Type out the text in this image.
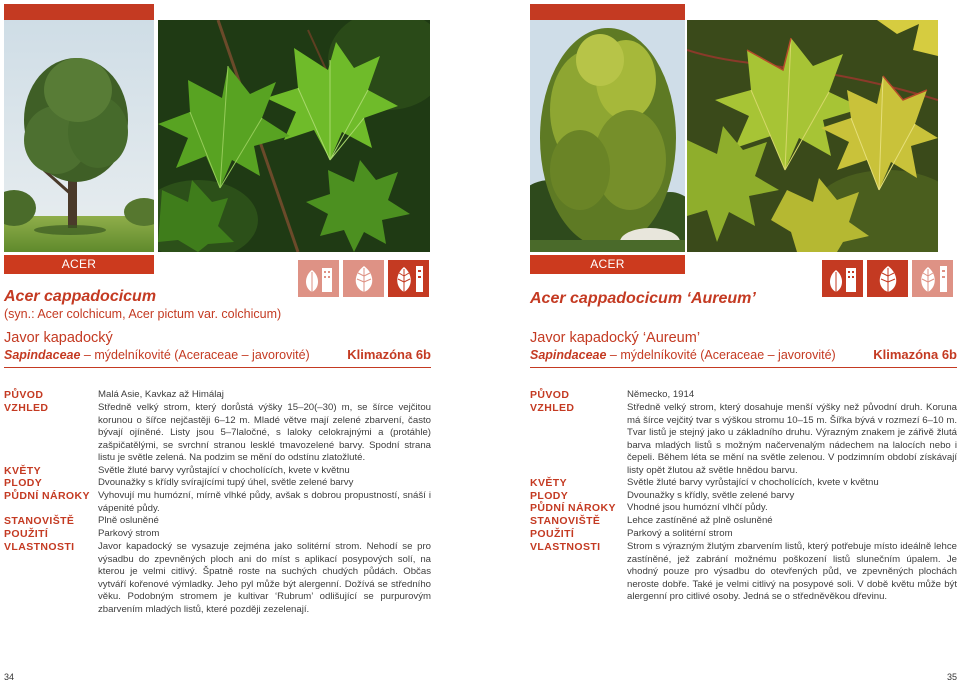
ACER
Acer cappadocicum
(syn.: Acer colchicum, Acer pictum var. colchicum)
Javor kapadocký
Sapindaceae – mýdelníkovité (Aceraceae – javorovité)	Klimazóna 6b
PŮVOD
VZHLED
KVĚTY
PLODY
PŮDNÍ NÁROKY
STANOVIŠTĚ
POUŽITÍ
VLASTNOSTI
Malá Asie, Kavkaz až Himálaj
Středně velký strom, který dorůstá výšky 15–20(–30) m, se šírce vejčitou korunou o šířce nejčastěji 6–12 m. Mladé větve mají zelené zbarvení, často bývají ojíněné. Listy jsou 5–7laločné, s laloky celokrajnými a (protáhle) zašpičatělými, se svrchní stranou lesklé tmavozelené barvy. Spodní strana listu je světle zelená. Na podzim se mění do odstínu zlatožluté.
Světle žluté barvy vyrůstající v chocholících, kvete v květnu
Dvounažky s křídly svírajícími tupý úhel, světle zelené barvy
Vyhovují mu humózní, mírně vlhké půdy, avšak s dobrou propustností, snáší i vápenité půdy.
Plně osluněné
Parkový strom
Javor kapadocký se vysazuje zejména jako solitérní strom. Nehodí se pro výsadbu do zpevněných ploch ani do míst s aplikací posypových solí, na kterou je velmi citlivý. Špatně roste na suchých chudých půdách. Občas vytváří kořenové výmladky. Jeho pyl může být alergenní. Dožívá se středního věku. Podobným stromem je kultivar ‘Rubrum’ odlišující se purpurovým zbarvením mladých listů, které později zezelenají.
34
ACER
Acer cappadocicum ‘Aureum’
Javor kapadocký ‘Aureum’
Sapindaceae – mýdelníkovité (Aceraceae – javorovité)	Klimazóna 6b
PŮVOD
VZHLED
KVĚTY
PLODY
PŮDNÍ NÁROKY
STANOVIŠTĚ
POUŽITÍ
VLASTNOSTI
Německo, 1914
Středně velký strom, který dosahuje menší výšky než původní druh. Koruna má šírce vejčitý tvar s výškou stromu 10–15 m. Šířka bývá v rozmezí 6–10 m. Tvar listů je stejný jako u základního druhu. Výrazným znakem je zářivě žlutá barva mladých listů s možným načervenalým nádechem na lalocích nebo i čepeli. Během léta se mění na světle zelenou. V podzimním období získávají listy opět žlutou až světle hnědou barvu.
Světle žluté barvy vyrůstající v chocholících, kvete v květnu
Dvounažky s křídly, světle zelené barvy
Vhodné jsou humózní vlhčí půdy.
Lehce zastíněné až plně osluněné
Parkový a solitérní strom
Strom s výrazným žlutým zbarvením listů, který potřebuje místo ideálně lehce zastíněné, jež zabrání možnému poškození listů slunečním úpalem. Je vhodný pouze pro výsadbu do otevřených půd, ve zpevněných plochách neroste dobře. Také je velmi citlivý na posypové soli. V době květu může být alergenní pro citlivé osoby. Jedná se o středněvěkou dřevinu.
35
